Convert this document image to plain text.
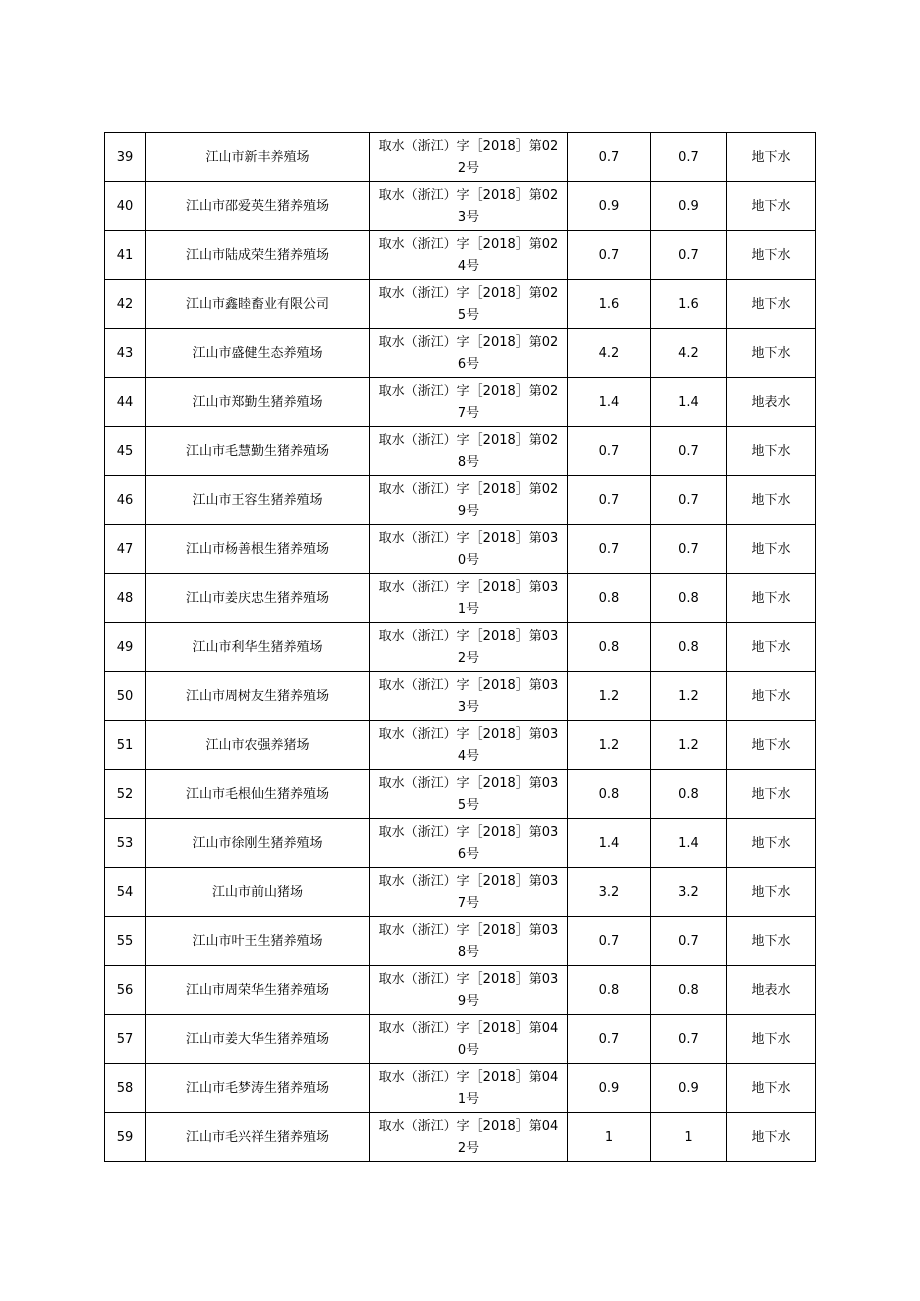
39	江山市新丰养殖场	取水（浙江）字［2018］第022号	0.7	0.7	地下水
40	江山市邵爱英生猪养殖场	取水（浙江）字［2018］第023号	0.9	0.9	地下水
41	江山市陆成荣生猪养殖场	取水（浙江）字［2018］第024号	0.7	0.7	地下水
42	江山市鑫睦畜业有限公司	取水（浙江）字［2018］第025号	1.6	1.6	地下水
43	江山市盛健生态养殖场	取水（浙江）字［2018］第026号	4.2	4.2	地下水
44	江山市郑勤生猪养殖场	取水（浙江）字［2018］第027号	1.4	1.4	地表水
45	江山市毛慧勤生猪养殖场	取水（浙江）字［2018］第028号	0.7	0.7	地下水
46	江山市王容生猪养殖场	取水（浙江）字［2018］第029号	0.7	0.7	地下水
47	江山市杨善根生猪养殖场	取水（浙江）字［2018］第030号	0.7	0.7	地下水
48	江山市姜庆忠生猪养殖场	取水（浙江）字［2018］第031号	0.8	0.8	地下水
49	江山市利华生猪养殖场	取水（浙江）字［2018］第032号	0.8	0.8	地下水
50	江山市周树友生猪养殖场	取水（浙江）字［2018］第033号	1.2	1.2	地下水
51	江山市农强养猪场	取水（浙江）字［2018］第034号	1.2	1.2	地下水
52	江山市毛根仙生猪养殖场	取水（浙江）字［2018］第035号	0.8	0.8	地下水
53	江山市徐刚生猪养殖场	取水（浙江）字［2018］第036号	1.4	1.4	地下水
54	江山市前山猪场	取水（浙江）字［2018］第037号	3.2	3.2	地下水
55	江山市叶王生猪养殖场	取水（浙江）字［2018］第038号	0.7	0.7	地下水
56	江山市周荣华生猪养殖场	取水（浙江）字［2018］第039号	0.8	0.8	地表水
57	江山市姜大华生猪养殖场	取水（浙江）字［2018］第040号	0.7	0.7	地下水
58	江山市毛梦涛生猪养殖场	取水（浙江）字［2018］第041号	0.9	0.9	地下水
59	江山市毛兴祥生猪养殖场	取水（浙江）字［2018］第042号	1	1	地下水
